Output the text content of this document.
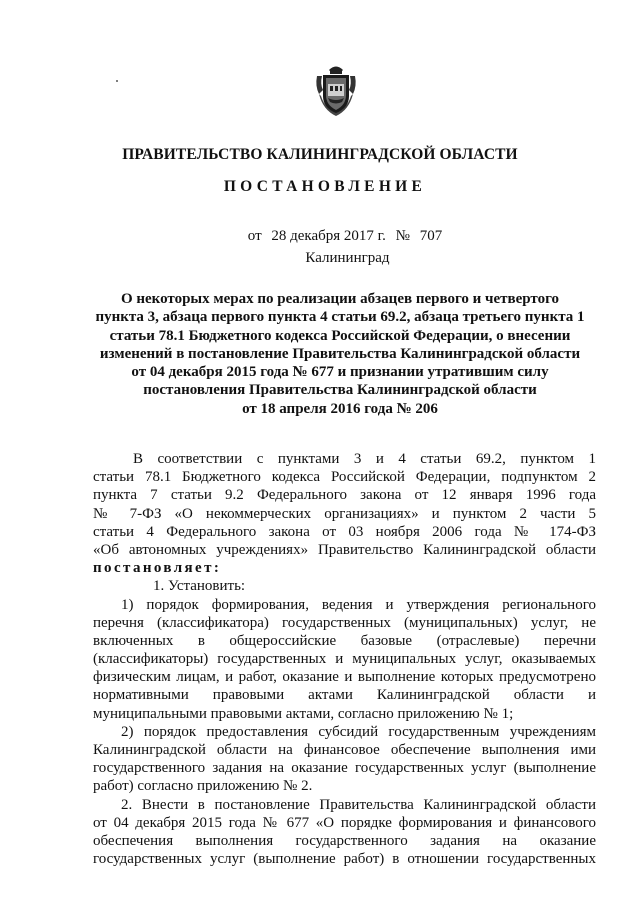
ПРАВИТЕЛЬСТВО КАЛИНИНГРАДСКОЙ ОБЛАСТИ
ПОСТАНОВЛЕНИЕ
от 28 декабря 2017 г. № 707
Калининград
О некоторых мерах по реализации абзацев первого и четвертого
пункта 3, абзаца первого пункта 4 статьи 69.2, абзаца третьего пункта 1
статьи 78.1 Бюджетного кодекса Российской Федерации, о внесении
изменений в постановление Правительства Калининградской области
от 04 декабря 2015 года № 677 и признании утратившим силу
постановления Правительства Калининградской области
от 18 апреля 2016 года № 206
В соответствии с пунктами 3 и 4 статьи 69.2, пунктом 1
статьи 78.1 Бюджетного кодекса Российской Федерации, подпунктом 2
пункта 7 статьи 9.2 Федерального закона от 12 января 1996 года
№ 7-ФЗ «О некоммерческих организациях» и пунктом 2 части 5
статьи 4 Федерального закона от 03 ноября 2006 года № 174-ФЗ
«Об автономных учреждениях» Правительство Калининградской области
постановляет:
1. Установить:
1) порядок формирования, ведения и утверждения регионального
перечня (классификатора) государственных (муниципальных) услуг, не
включенных в общероссийские базовые (отраслевые) перечни
(классификаторы) государственных и муниципальных услуг, оказываемых
физическим лицам, и работ, оказание и выполнение которых предусмотрено
нормативными правовыми актами Калининградской области и
муниципальными правовыми актами, согласно приложению № 1;
2) порядок предоставления субсидий государственным учреждениям
Калининградской области на финансовое обеспечение выполнения ими
государственного задания на оказание государственных услуг (выполнение
работ) согласно приложению № 2.
2. Внести в постановление Правительства Калининградской области
от 04 декабря 2015 года № 677 «О порядке формирования и финансового
обеспечения выполнения государственного задания на оказание
государственных услуг (выполнение работ) в отношении государственных
